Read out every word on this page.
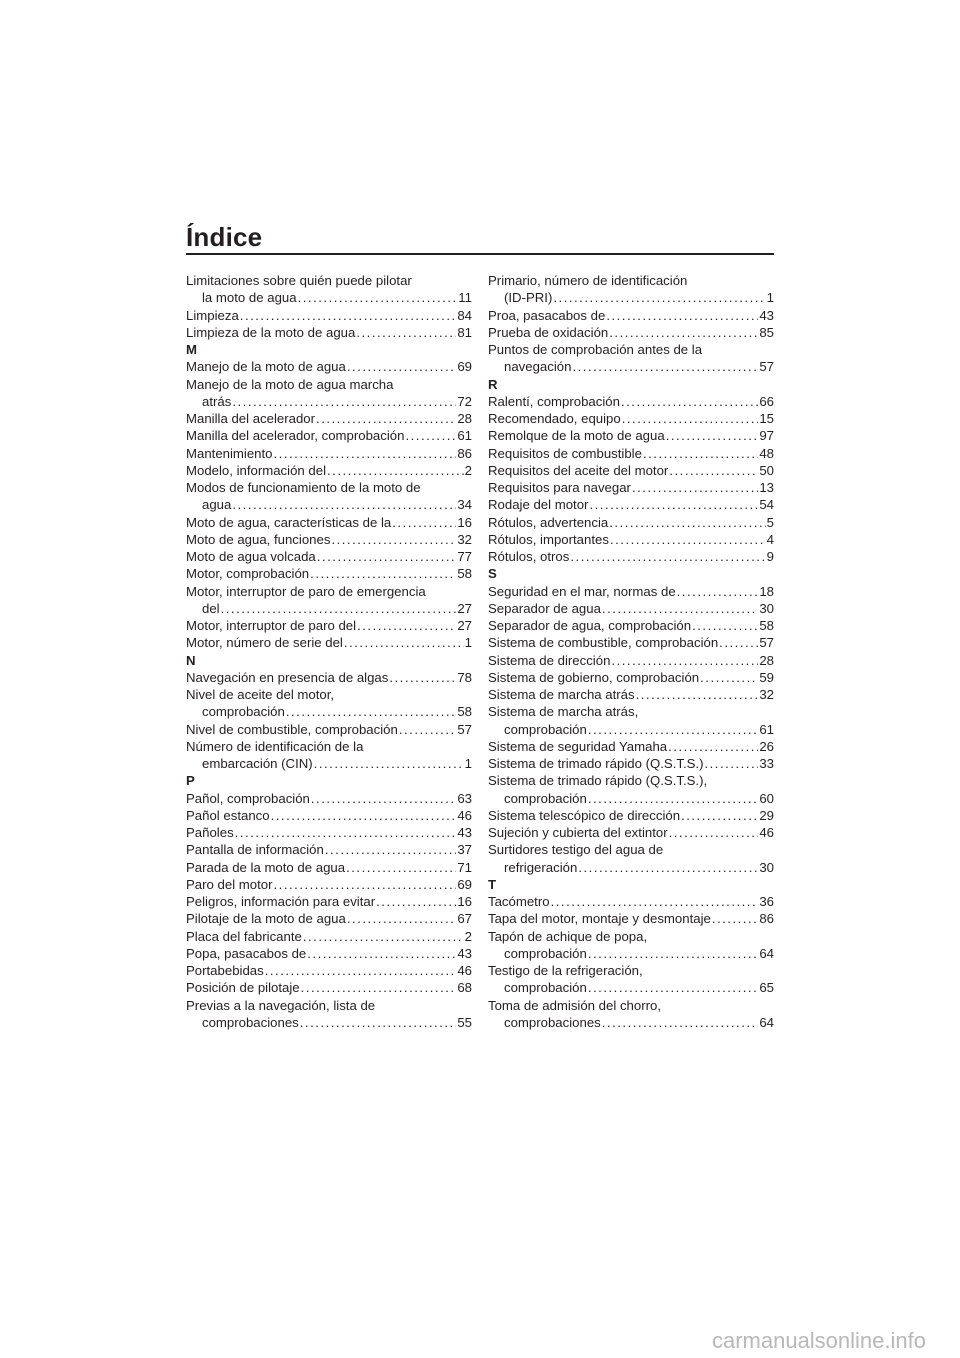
Índice
Limitaciones sobre quién puede pilotar
la moto de agua .....	11
Limpieza .....	84
Limpieza de la moto de agua .....	81
M
Manejo de la moto de agua .....	69
Manejo de la moto de agua marcha
atrás .....	72
Manilla del acelerador .....	28
Manilla del acelerador, comprobación .....	61
Mantenimiento .....	86
Modelo, información del .....	2
Modos de funcionamiento de la moto de
agua .....	34
Moto de agua, características de la .....	16
Moto de agua, funciones .....	32
Moto de agua volcada .....	77
Motor, comprobación .....	58
Motor, interruptor de paro de emergencia
del .....	27
Motor, interruptor de paro del .....	27
Motor, número de serie del .....	1
N
Navegación en presencia de algas .....	78
Nivel de aceite del motor,
comprobación .....	58
Nivel de combustible, comprobación .....	57
Número de identificación de la
embarcación (CIN) .....	1
P
Pañol, comprobación .....	63
Pañol estanco .....	46
Pañoles .....	43
Pantalla de información .....	37
Parada de la moto de agua .....	71
Paro del motor .....	69
Peligros, información para evitar .....	16
Pilotaje de la moto de agua .....	67
Placa del fabricante .....	2
Popa, pasacabos de .....	43
Portabebidas .....	46
Posición de pilotaje .....	68
Previas a la navegación, lista de
comprobaciones .....	55
Primario, número de identificación
(ID-PRI) .....	1
Proa, pasacabos de .....	43
Prueba de oxidación .....	85
Puntos de comprobación antes de la
navegación .....	57
R
Ralentí, comprobación .....	66
Recomendado, equipo .....	15
Remolque de la moto de agua .....	97
Requisitos de combustible .....	48
Requisitos del aceite del motor .....	50
Requisitos para navegar .....	13
Rodaje del motor .....	54
Rótulos, advertencia .....	5
Rótulos, importantes .....	4
Rótulos, otros .....	9
S
Seguridad en el mar, normas de .....	18
Separador de agua .....	30
Separador de agua, comprobación .....	58
Sistema de combustible, comprobación .....	57
Sistema de dirección .....	28
Sistema de gobierno, comprobación .....	59
Sistema de marcha atrás .....	32
Sistema de marcha atrás,
comprobación .....	61
Sistema de seguridad Yamaha .....	26
Sistema de trimado rápido (Q.S.T.S.) .....	33
Sistema de trimado rápido (Q.S.T.S.),
comprobación .....	60
Sistema telescópico de dirección .....	29
Sujeción y cubierta del extintor .....	46
Surtidores testigo del agua de
refrigeración .....	30
T
Tacómetro .....	36
Tapa del motor, montaje y desmontaje .....	86
Tapón de achique de popa,
comprobación .....	64
Testigo de la refrigeración,
comprobación .....	65
Toma de admisión del chorro,
comprobaciones .....	64
carmanualsonline.info
